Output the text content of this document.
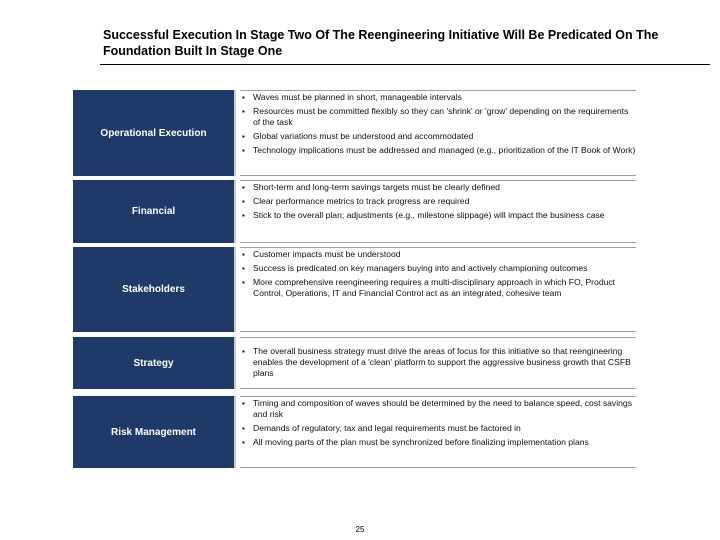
Successful Execution In Stage Two Of The Reengineering Initiative Will Be Predicated On The Foundation Built In Stage One
Operational Execution
▪ Waves must be planned in short, manageable intervals
▪ Resources must be committed flexibly so they can 'shrink' or 'grow' depending on the requirements of the task
▪ Global variations must be understood and accommodated
▪ Technology implications must be addressed and managed (e.g., prioritization of the IT Book of Work)
Financial
▪ Short-term and long-term savings targets must be clearly defined
▪ Clear performance metrics to track progress are required
▪ Stick to the overall plan; adjustments (e.g., milestone slippage) will impact the business case
Stakeholders
▪ Customer impacts must be understood
▪ Success is predicated on key managers buying into and actively championing outcomes
▪ More comprehensive reengineering requires a multi-disciplinary approach in which FO, Product Control, Operations, IT and Financial Control act as an integrated, cohesive team
Strategy
▪ The overall business strategy must drive the areas of focus for this initiative so that reengineering enables the development of a 'clean' platform to support the aggressive business growth that CSFB plans
Risk Management
▪ Timing and composition of waves should be determined by the need to balance speed, cost savings and risk
▪ Demands of regulatory, tax and legal requirements must be factored in
▪ All moving parts of the plan must be synchronized before finalizing implementation plans
25
